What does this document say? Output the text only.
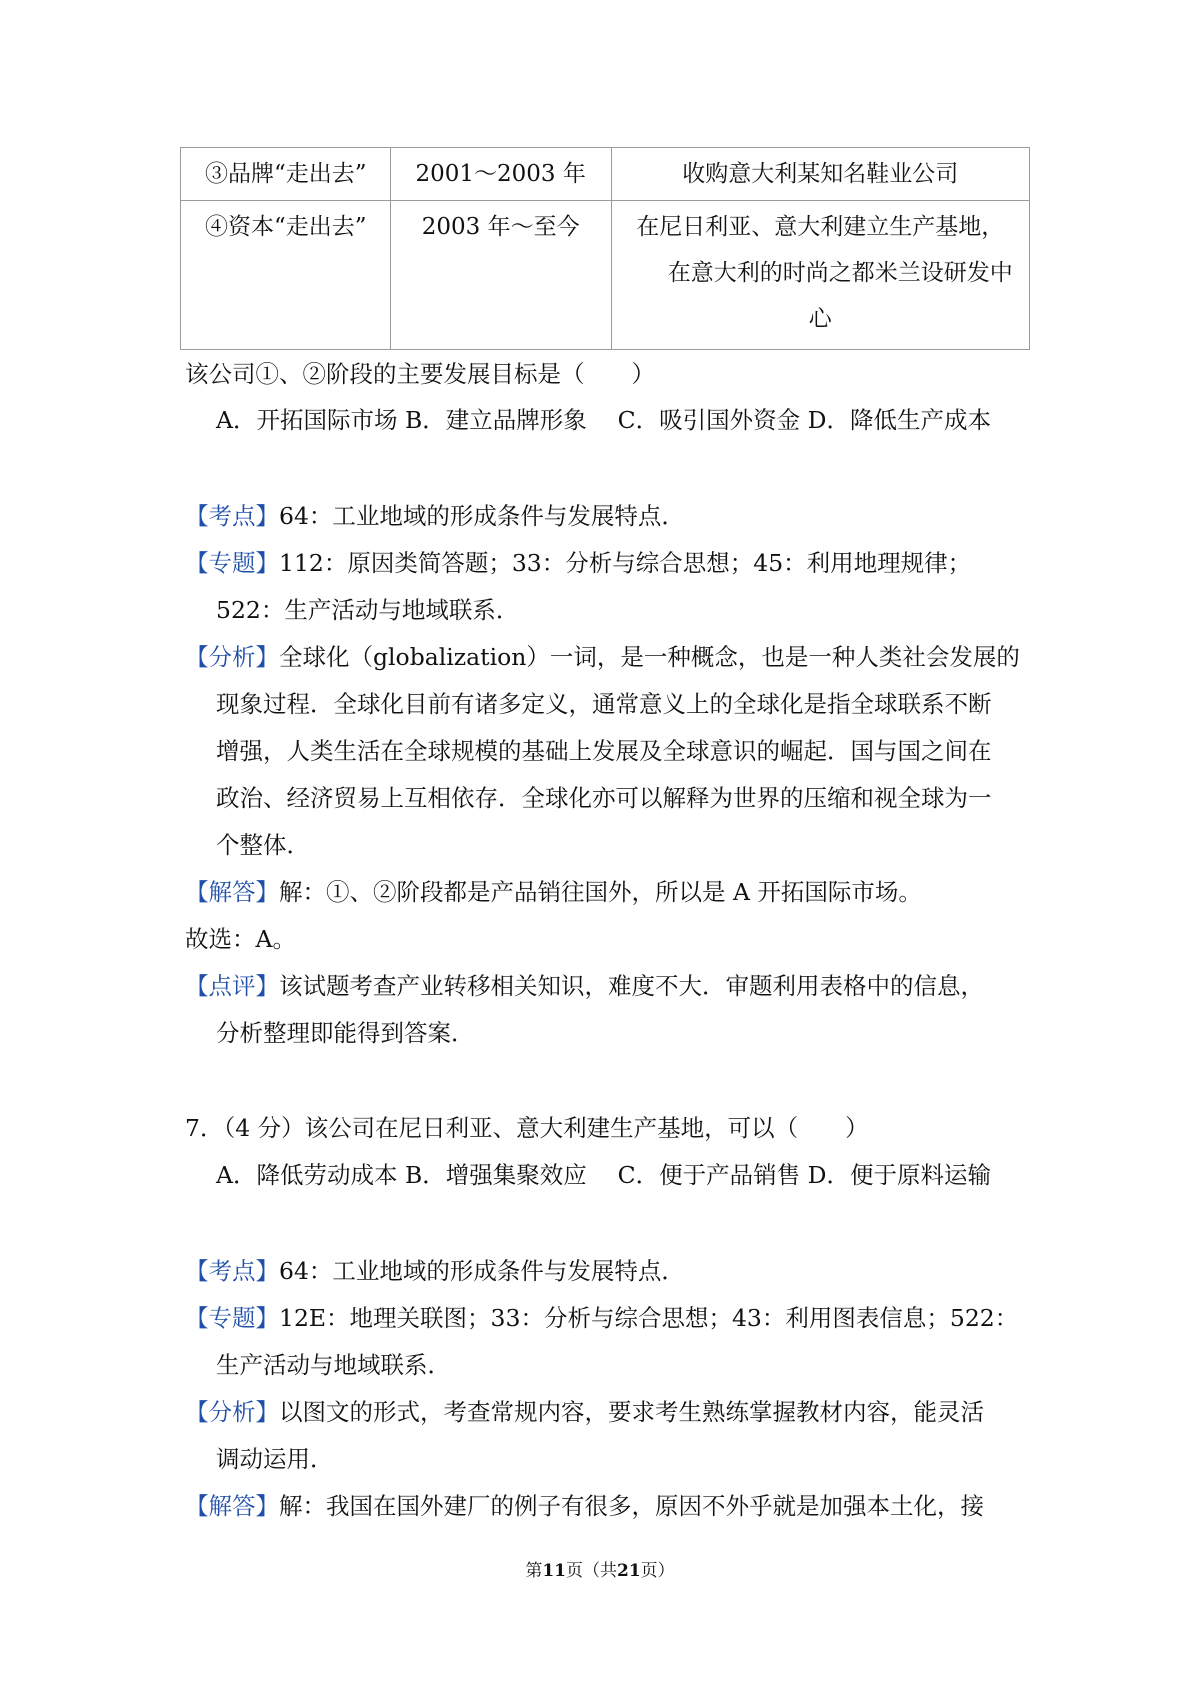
③品牌“走出去”	2001～2003 年	收购意大利某知名鞋业公司
④资本“走出去”	2003 年～至今	在尼日利亚、意大利建立生产基地，
在意大利的时尚之都米兰设研发中
心
该公司①、②阶段的主要发展目标是（　　）
A．开拓国际市场 B．建立品牌形象 　C．吸引国外资金 D．降低生产成本
【考点】64：工业地域的形成条件与发展特点．
【专题】112：原因类简答题；33：分析与综合思想；45：利用地理规律；
522：生产活动与地域联系．
【分析】全球化（globalization）一词，是一种概念，也是一种人类社会发展的
现象过程．全球化目前有诸多定义，通常意义上的全球化是指全球联系不断
增强，人类生活在全球规模的基础上发展及全球意识的崛起．国与国之间在
政治、经济贸易上互相依存．全球化亦可以解释为世界的压缩和视全球为一
个整体．
【解答】解：①、②阶段都是产品销往国外，所以是 A 开拓国际市场。
故选：A。
【点评】该试题考查产业转移相关知识，难度不大．审题利用表格中的信息，
分析整理即能得到答案．
7．（4 分）该公司在尼日利亚、意大利建生产基地，可以（　　）
A．降低劳动成本 B．增强集聚效应 　C．便于产品销售 D．便于原料运输
【考点】64：工业地域的形成条件与发展特点．
【专题】12E：地理关联图；33：分析与综合思想；43：利用图表信息；522：
生产活动与地域联系．
【分析】以图文的形式，考查常规内容，要求考生熟练掌握教材内容，能灵活
调动运用．
【解答】解：我国在国外建厂的例子有很多，原因不外乎就是加强本土化，接
第11页（共21页）
